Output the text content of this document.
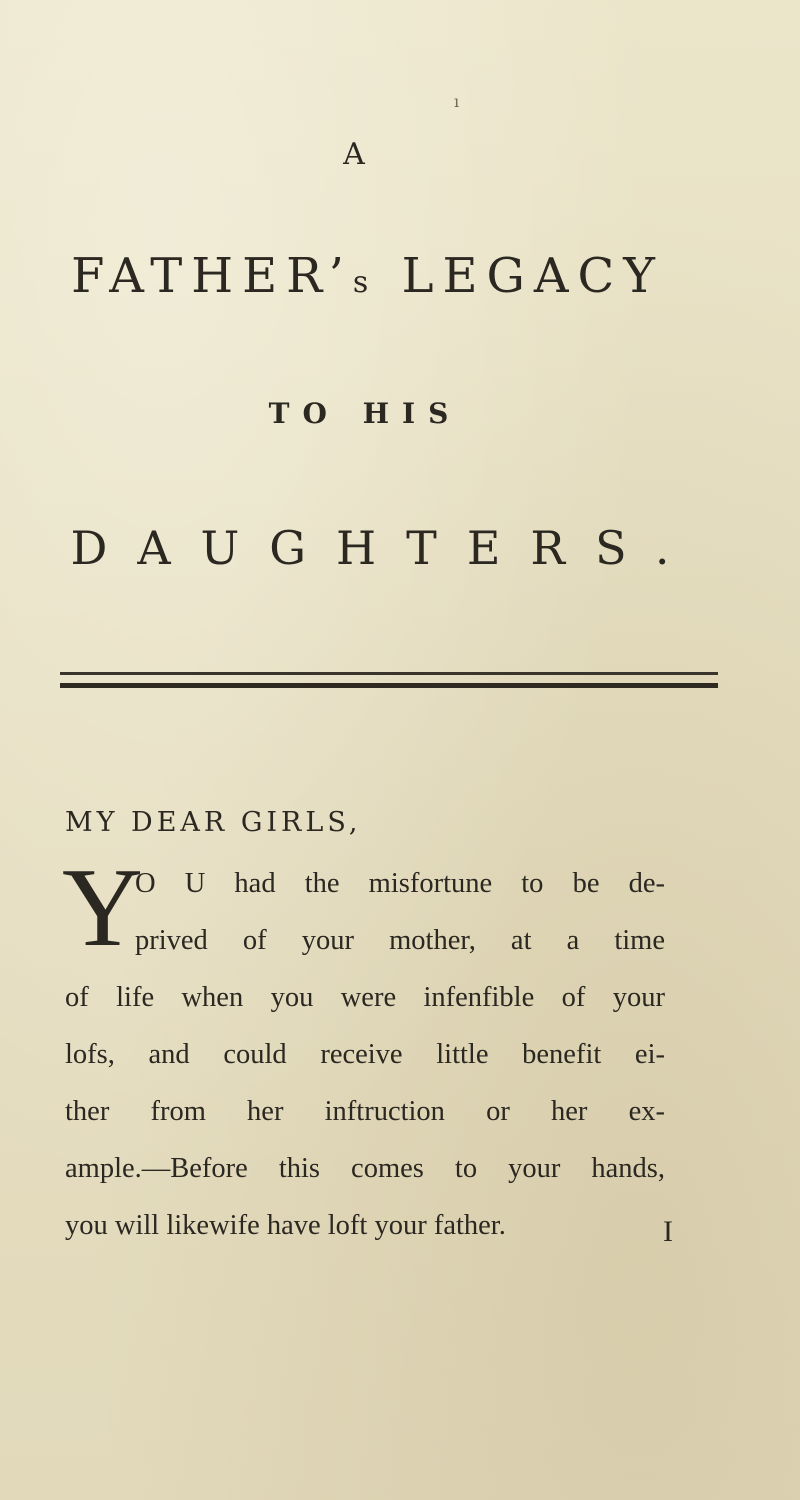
ı
A
FATHER’s LEGACY
TO HIS
DAUGHTERS.
MY DEAR GIRLS,
Y
O U had the misfortune to be de-
prived of your mother, at a time
of life when you were infenfible of your
lofs, and could receive little benefit ei-
ther from her inftruction or her ex-
ample.—Before this comes to your hands,
you will likewife have loft your father.	I
